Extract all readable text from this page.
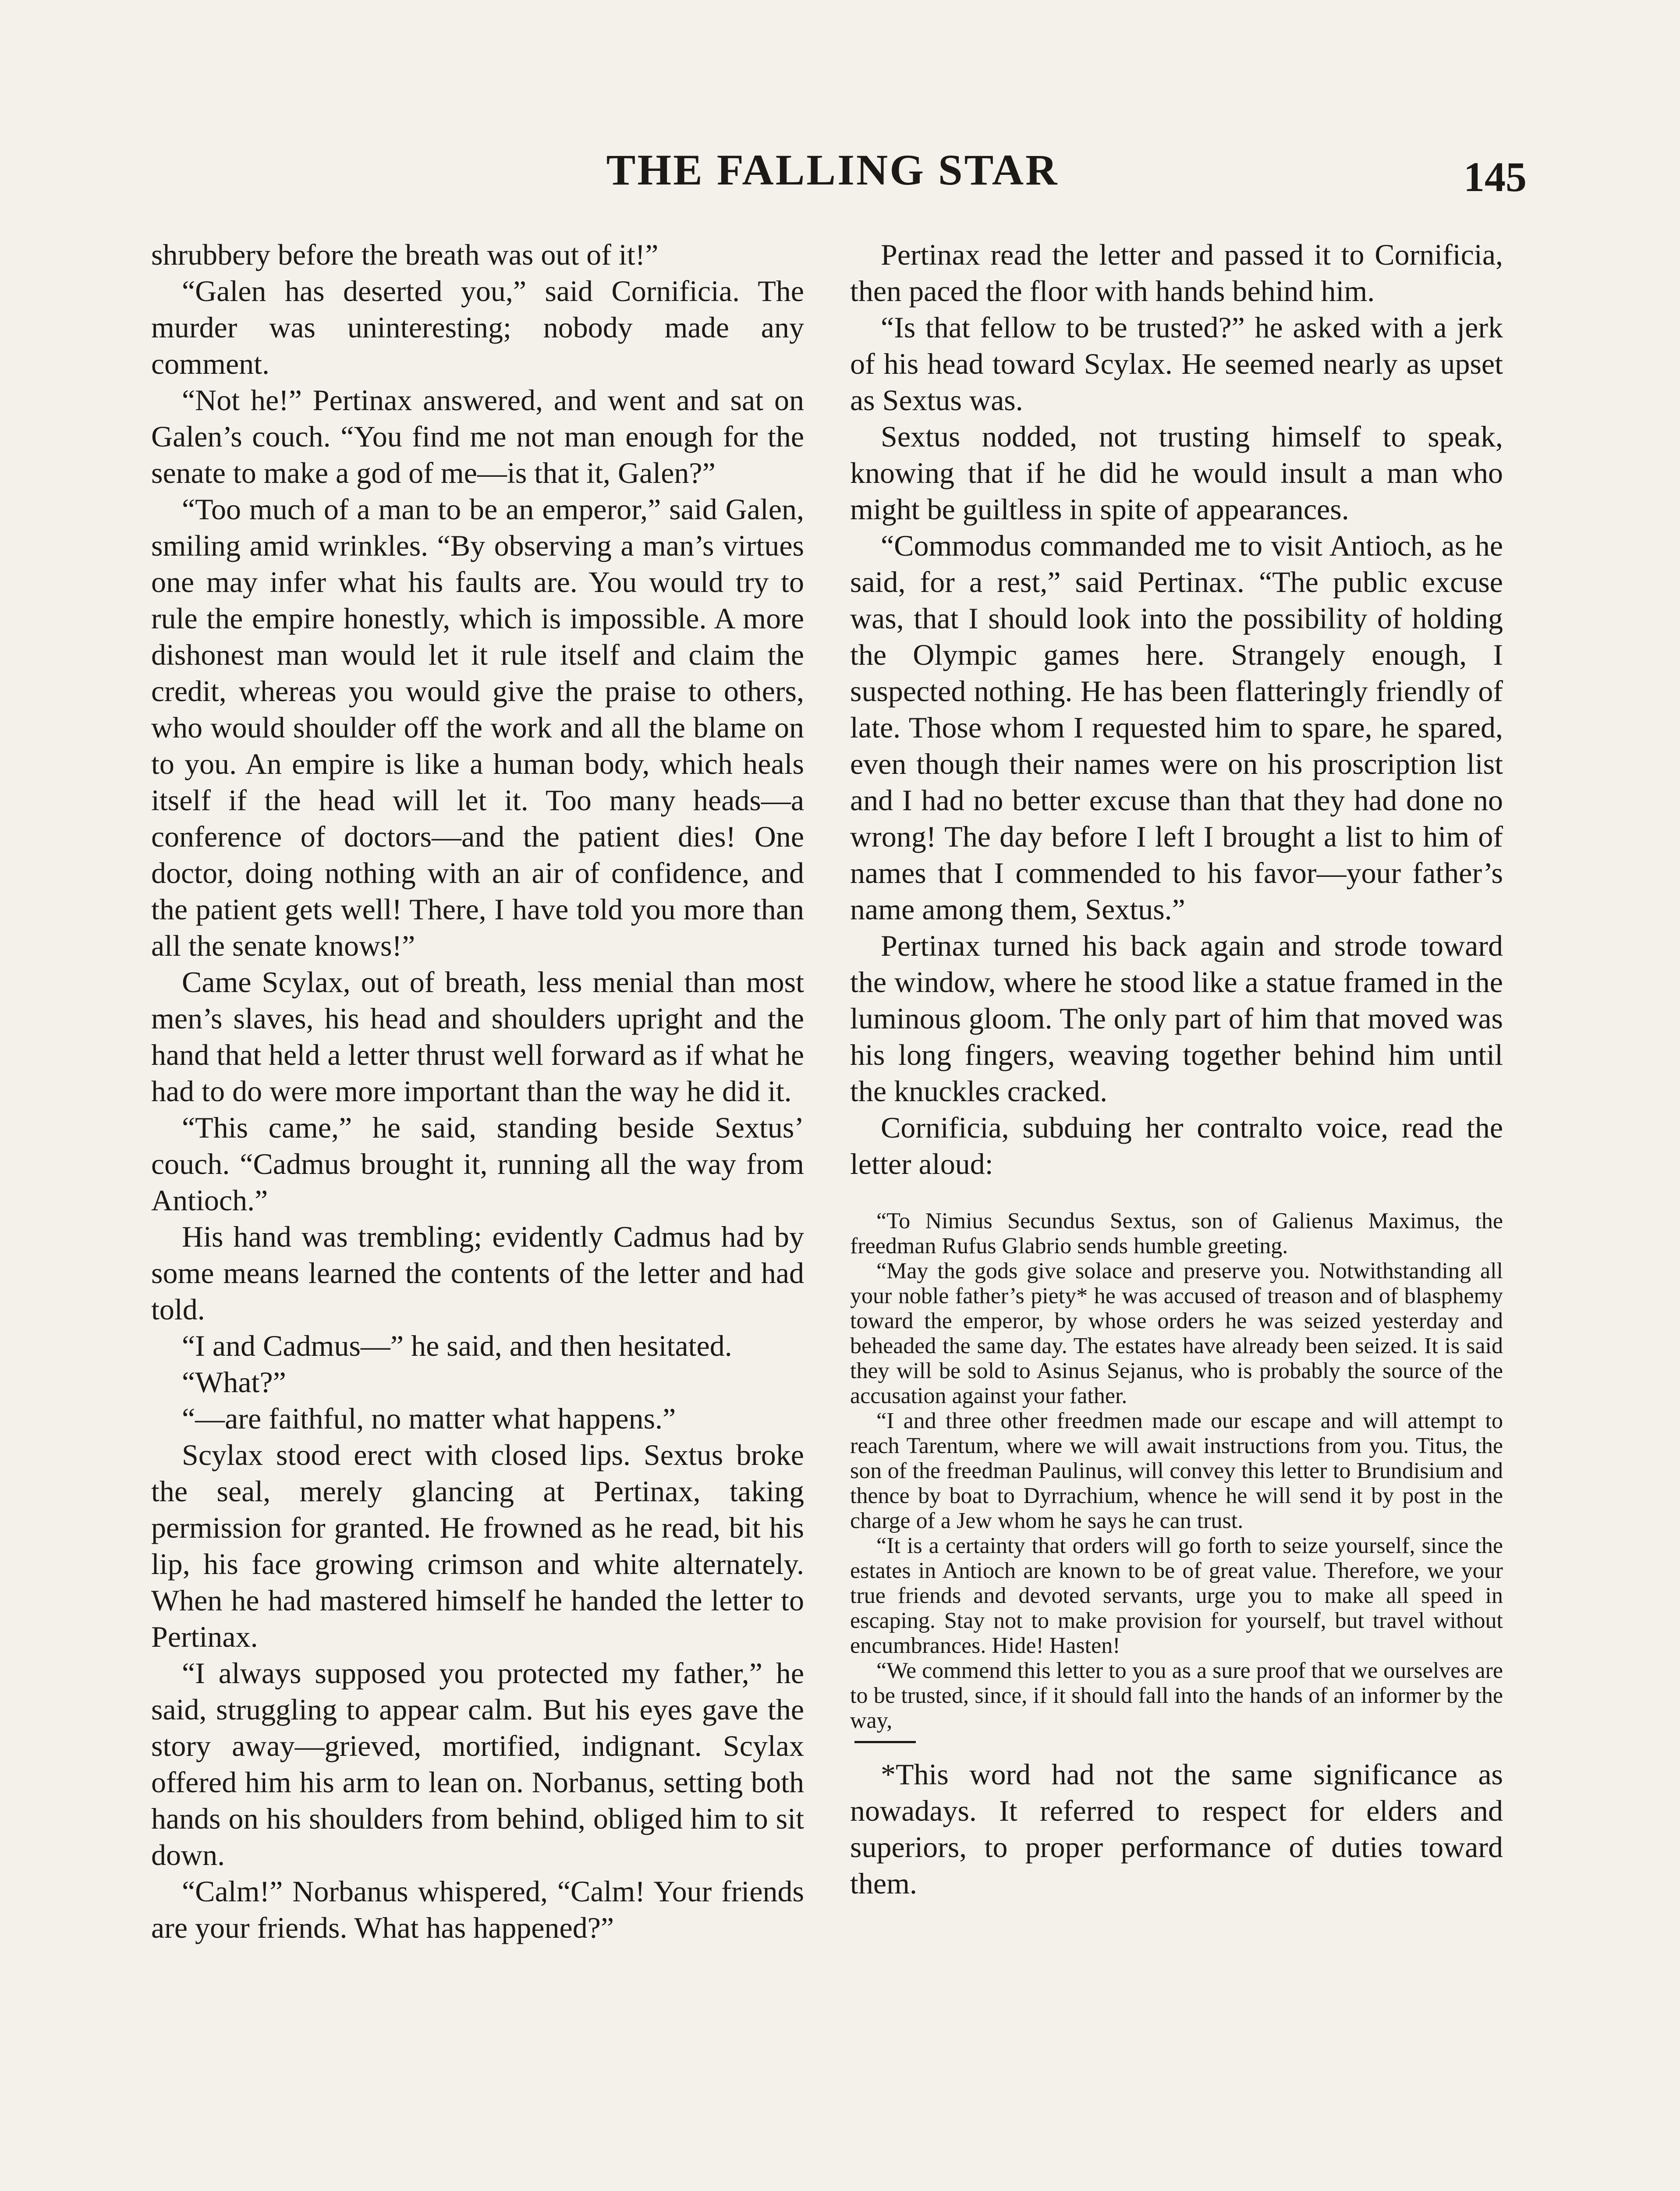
THE FALLING STAR	145

shrubbery before the breath was out of it!”

“Galen has deserted you,” said Cornificia. The murder was uninteresting; nobody made any comment.

“Not he!” Pertinax answered, and went and sat on Galen’s couch. “You find me not man enough for the senate to make a god of me—is that it, Galen?”

“Too much of a man to be an emperor,” said Galen, smiling amid wrinkles. “By observing a man’s virtues one may infer what his faults are. You would try to rule the empire honestly, which is impossible. A more dishonest man would let it rule itself and claim the credit, whereas you would give the praise to others, who would shoulder off the work and all the blame on to you. An empire is like a human body, which heals itself if the head will let it. Too many heads—a conference of doctors—and the patient dies! One doctor, doing nothing with an air of confidence, and the patient gets well! There, I have told you more than all the senate knows!”

Came Scylax, out of breath, less menial than most men’s slaves, his head and shoulders upright and the hand that held a letter thrust well forward as if what he had to do were more important than the way he did it.

“This came,” he said, standing beside Sextus’ couch. “Cadmus brought it, running all the way from Antioch.”

His hand was trembling; evidently Cadmus had by some means learned the contents of the letter and had told.

“I and Cadmus—” he said, and then hesitated.

“What?”

“—are faithful, no matter what happens.”

Scylax stood erect with closed lips. Sextus broke the seal, merely glancing at Pertinax, taking permission for granted. He frowned as he read, bit his lip, his face growing crimson and white alternately. When he had mastered himself he handed the letter to Pertinax.

“I always supposed you protected my father,” he said, struggling to appear calm. But his eyes gave the story away—grieved, mortified, indignant. Scylax offered him his arm to lean on. Norbanus, setting both hands on his shoulders from behind, obliged him to sit down.

“Calm!” Norbanus whispered, “Calm! Your friends are your friends. What has happened?”

Pertinax read the letter and passed it to Cornificia, then paced the floor with hands behind him.

“Is that fellow to be trusted?” he asked with a jerk of his head toward Scylax. He seemed nearly as upset as Sextus was.

Sextus nodded, not trusting himself to speak, knowing that if he did he would insult a man who might be guiltless in spite of appearances.

“Commodus commanded me to visit Antioch, as he said, for a rest,” said Pertinax. “The public excuse was, that I should look into the possibility of holding the Olympic games here. Strangely enough, I suspected nothing. He has been flatteringly friendly of late. Those whom I requested him to spare, he spared, even though their names were on his proscription list and I had no better excuse than that they had done no wrong! The day before I left I brought a list to him of names that I commended to his favor—your father’s name among them, Sextus.”

Pertinax turned his back again and strode toward the window, where he stood like a statue framed in the luminous gloom. The only part of him that moved was his long fingers, weaving together behind him until the knuckles cracked.

Cornificia, subduing her contralto voice, read the letter aloud:

“To Nimius Secundus Sextus, son of Galienus Maximus, the freedman Rufus Glabrio sends humble greeting.

“May the gods give solace and preserve you. Notwithstanding all your noble father’s piety* he was accused of treason and of blasphemy toward the emperor, by whose orders he was seized yesterday and beheaded the same day. The estates have already been seized. It is said they will be sold to Asinus Sejanus, who is probably the source of the accusation against your father.

“I and three other freedmen made our escape and will attempt to reach Tarentum, where we will await instructions from you. Titus, the son of the freedman Paulinus, will convey this letter to Brundisium and thence by boat to Dyrrachium, whence he will send it by post in the charge of a Jew whom he says he can trust.

“It is a certainty that orders will go forth to seize yourself, since the estates in Antioch are known to be of great value. Therefore, we your true friends and devoted servants, urge you to make all speed in escaping. Stay not to make provision for yourself, but travel without encumbrances. Hide! Hasten!

“We commend this letter to you as a sure proof that we ourselves are to be trusted, since, if it should fall into the hands of an informer by the way,

*This word had not the same significance as nowadays. It referred to respect for elders and superiors, to proper performance of duties toward them.
